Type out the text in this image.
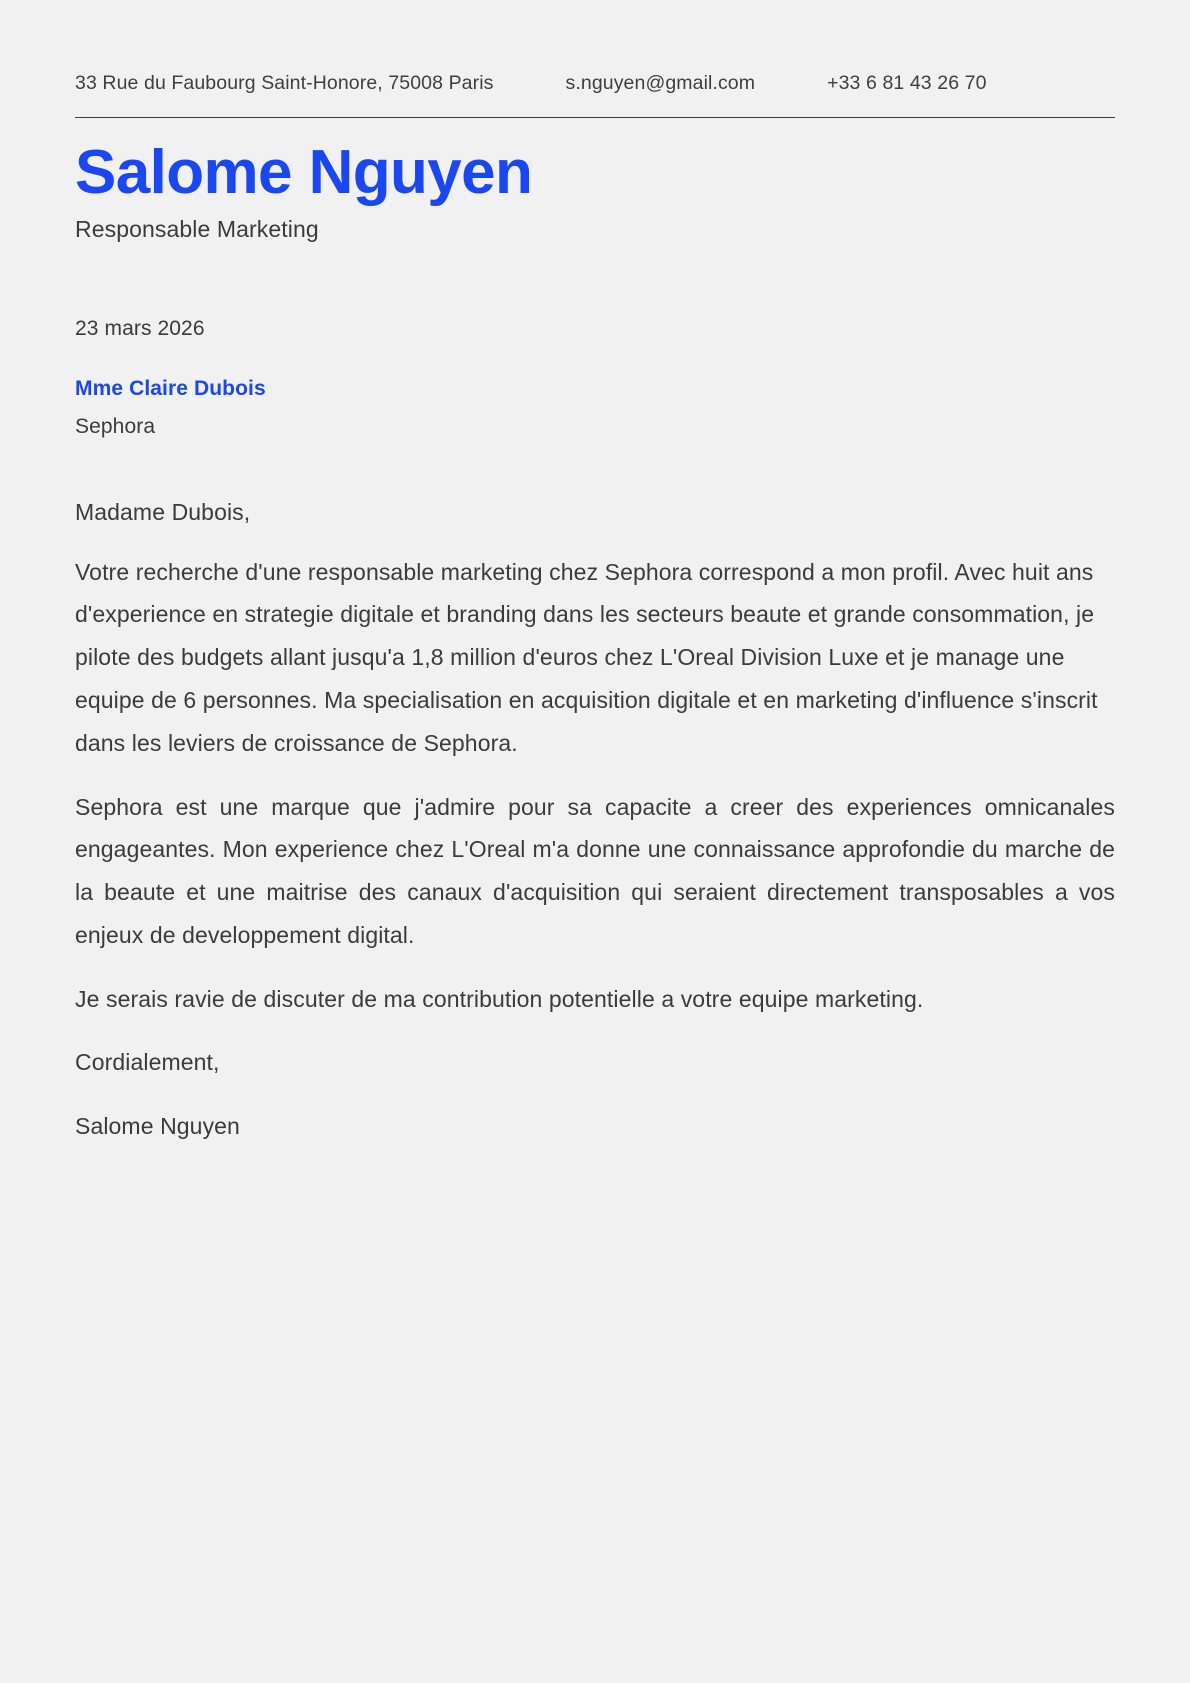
33 Rue du Faubourg Saint-Honore, 75008 Paris	s.nguyen@gmail.com	+33 6 81 43 26 70
Salome Nguyen

Responsable Marketing

23 mars 2026
Mme Claire Dubois
Sephora

Madame Dubois,

Votre recherche d'une responsable marketing chez Sephora correspond a mon profil. Avec huit ans d'experience en strategie digitale et branding dans les secteurs beaute et grande consommation, je pilote des budgets allant jusqu'a 1,8 million d'euros chez L'Oreal Division Luxe et je manage une equipe de 6 personnes. Ma specialisation en acquisition digitale et en marketing d'influence s'inscrit dans les leviers de croissance de Sephora.

Sephora est une marque que j'admire pour sa capacite a creer des experiences omnicanales engageantes. Mon experience chez L'Oreal m'a donne une connaissance approfondie du marche de la beaute et une maitrise des canaux d'acquisition qui seraient directement transposables a vos enjeux de developpement digital.

Je serais ravie de discuter de ma contribution potentielle a votre equipe marketing.

Cordialement,

Salome Nguyen
